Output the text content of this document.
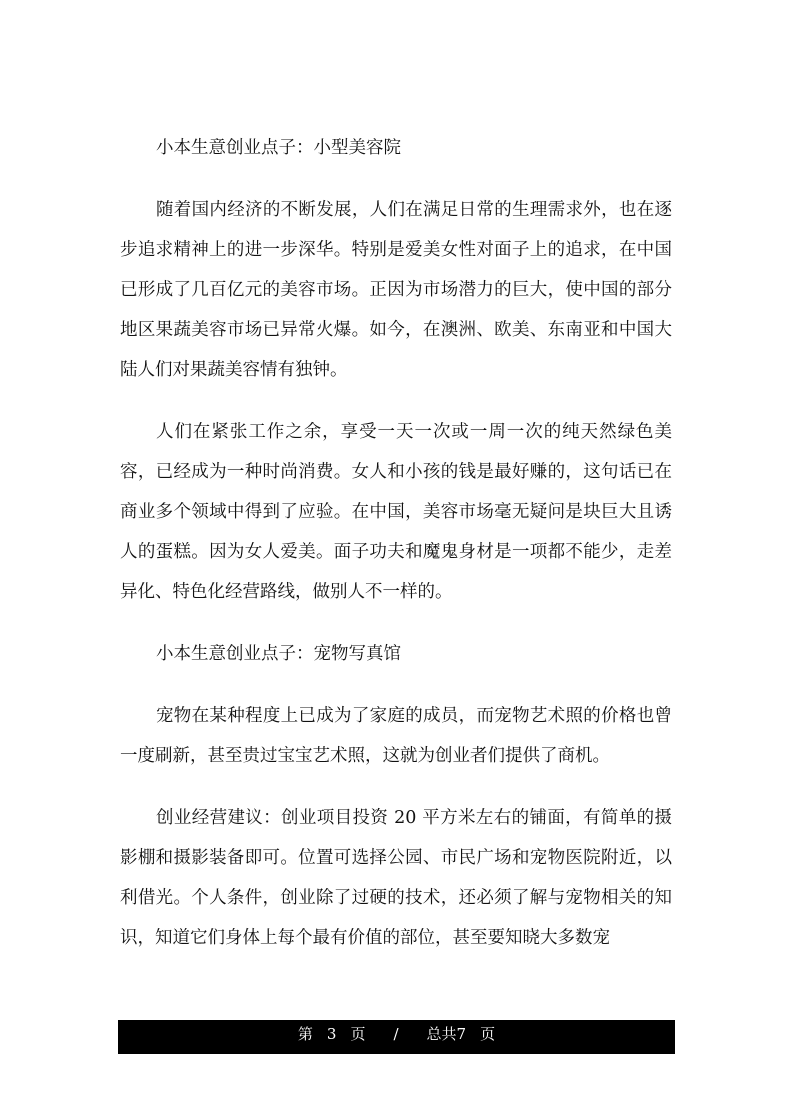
小本生意创业点子：小型美容院

随着国内经济的不断发展，人们在满足日常的生理需求外，也在逐步追求精神上的进一步深华。特别是爱美女性对面子上的追求，在中国已形成了几百亿元的美容市场。正因为市场潜力的巨大，使中国的部分地区果蔬美容市场已异常火爆。如今，在澳洲、欧美、东南亚和中国大陆人们对果蔬美容情有独钟。

人们在紧张工作之余，享受一天一次或一周一次的纯天然绿色美容，已经成为一种时尚消费。女人和小孩的钱是最好赚的，这句话已在商业多个领域中得到了应验。在中国，美容市场毫无疑问是块巨大且诱人的蛋糕。因为女人爱美。面子功夫和魔鬼身材是一项都不能少，走差异化、特色化经营路线，做别人不一样的。

小本生意创业点子：宠物写真馆

宠物在某种程度上已成为了家庭的成员，而宠物艺术照的价格也曾一度刷新，甚至贵过宝宝艺术照，这就为创业者们提供了商机。

创业经营建议：创业项目投资 20 平方米左右的铺面，有简单的摄影棚和摄影装备即可。位置可选择公园、市民广场和宠物医院附近，以利借光。个人条件，创业除了过硬的技术，还必须了解与宠物相关的知识，知道它们身体上每个最有价值的部位，甚至要知晓大多数宠

第 3 页 / 总共7 页
